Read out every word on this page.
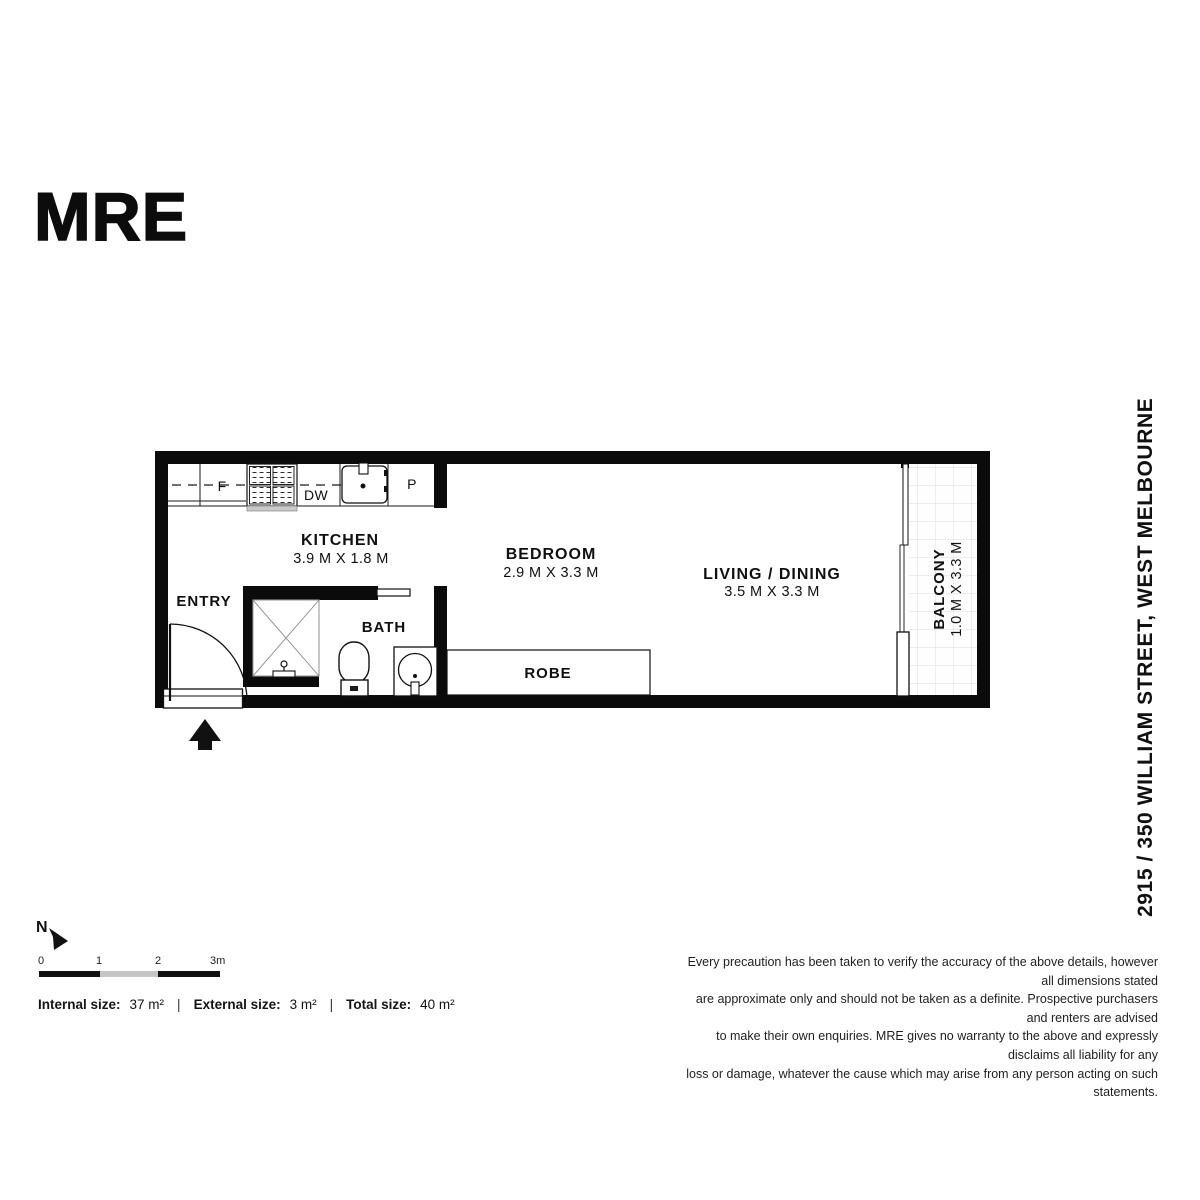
MRE
2915 / 350 WILLIAM STREET, WEST MELBOURNE
KITCHEN
3.9 M X 1.8 M	BEDROOM
2.9 M X 3.3 M	LIVING / DINING
3.5 M X 3.3 M
ENTRY
BATH
ROBE
BALCONY 1.0 M X 3.3 M
F
DW
P
N
0	1	2	3m
Internal size: 37 m² | External size: 3 m² | Total size: 40 m²
Every precaution has been taken to verify the accuracy of the above details, however all dimensions stated
are approximate only and should not be taken as a definite. Prospective purchasers and renters are advised
to make their own enquiries. MRE gives no warranty to the above and expressly disclaims all liability for any
loss or damage, whatever the cause which may arise from any person acting on such statements.
